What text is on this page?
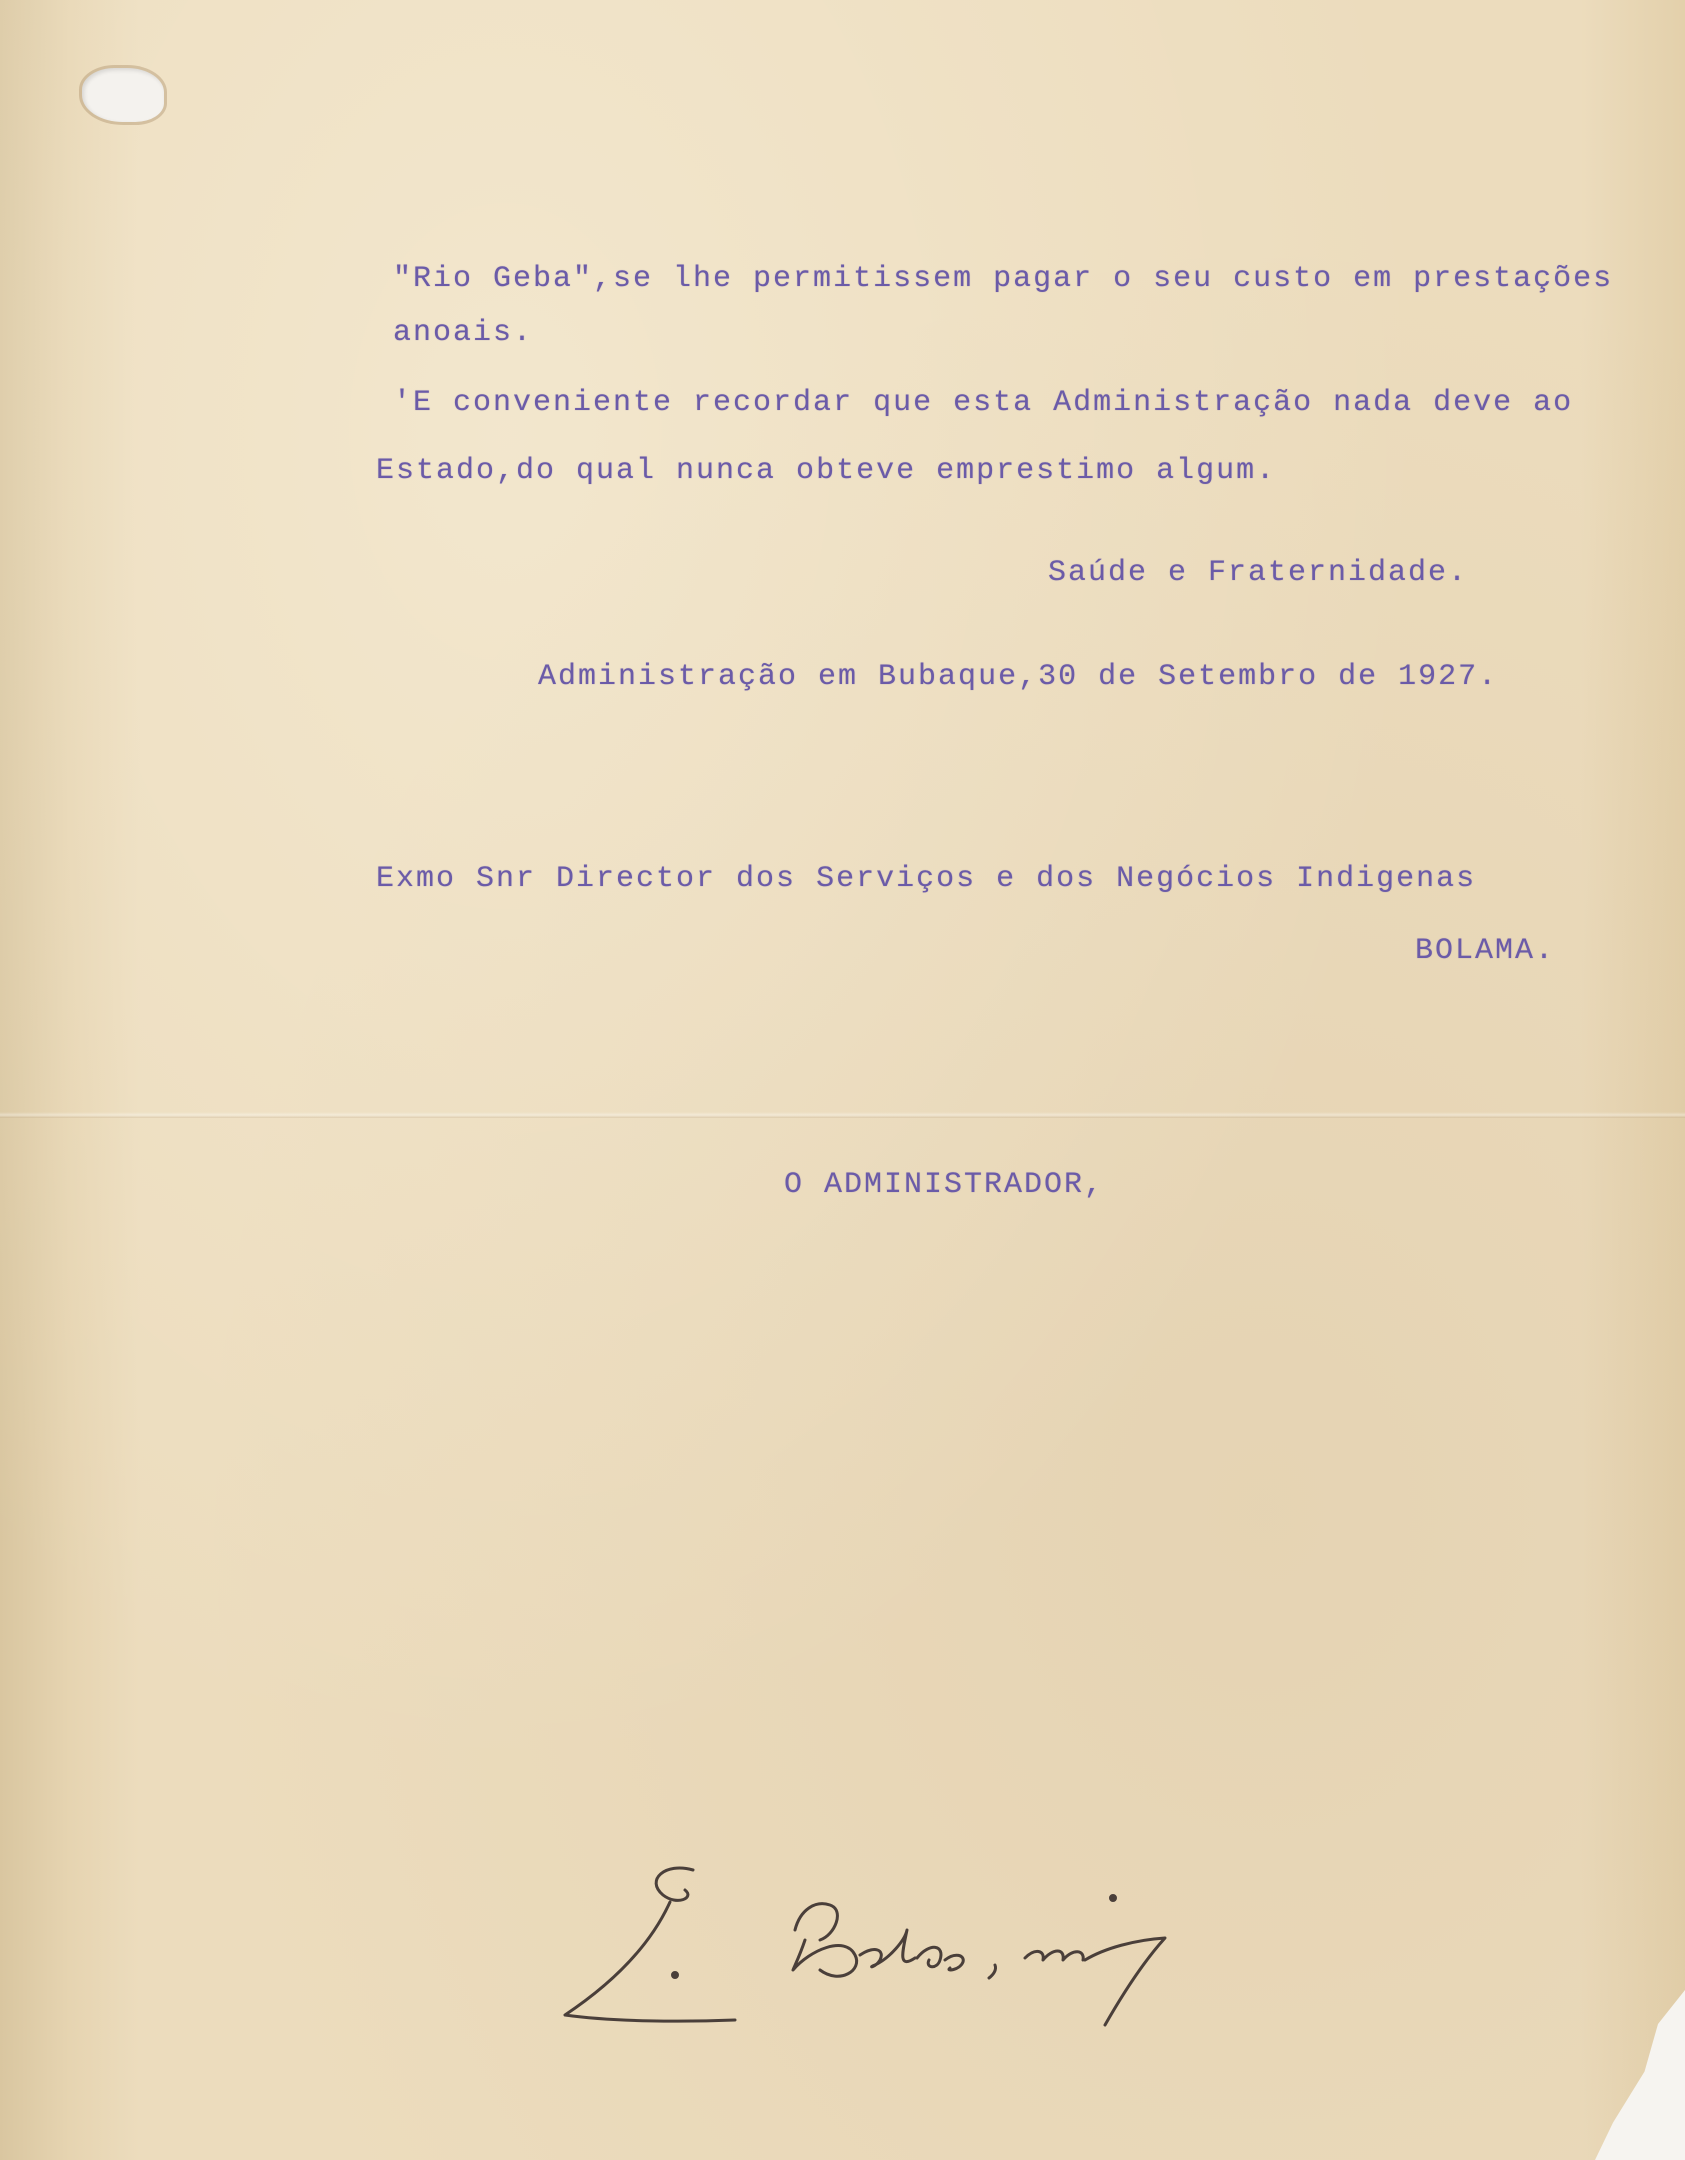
"Rio Geba",se lhe permitissem pagar o seu custo em prestações
anoais.
'E conveniente recordar que esta Administração nada deve ao
Estado,do qual nunca obteve emprestimo algum.
Saúde e Fraternidade.
Administração em Bubaque,30 de Setembro de 1927.
Exmo Snr Director dos Serviços e dos Negócios Indigenas
BOLAMA.
O ADMINISTRADOR,
